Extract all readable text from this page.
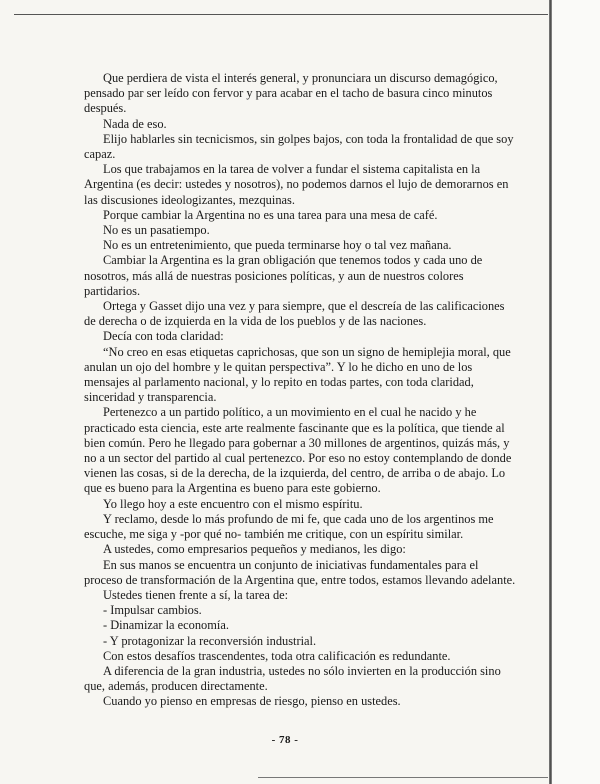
Que perdiera de vista el interés general, y pronunciara un discurso demagógico, pensado par ser leído con fervor y para acabar en el tacho de basura cinco minutos después.

Nada de eso.

Elijo hablarles sin tecnicismos, sin golpes bajos, con toda la frontalidad de que soy capaz.

Los que trabajamos en la tarea de volver a fundar el sistema capitalista en la Argentina (es decir: ustedes y nosotros), no podemos darnos el lujo de demorarnos en las discusiones ideologizantes, mezquinas.

Porque cambiar la Argentina no es una tarea para una mesa de café.

No es un pasatiempo.

No es un entretenimiento, que pueda terminarse hoy o tal vez mañana.

Cambiar la Argentina es la gran obligación que tenemos todos y cada uno de nosotros, más allá de nuestras posiciones políticas, y aun de nuestros colores partidarios.

Ortega y Gasset dijo una vez y para siempre, que el descreía de las calificaciones de derecha o de izquierda en la vida de los pueblos y de las naciones.

Decía con toda claridad:

“No creo en esas etiquetas caprichosas, que son un signo de hemiplejia moral, que anulan un ojo del hombre y le quitan perspectiva”. Y lo he dicho en uno de los mensajes al parlamento nacional, y lo repito en todas partes, con toda claridad, sinceridad y transparencia.

Pertenezco a un partido político, a un movimiento en el cual he nacido y he practicado esta ciencia, este arte realmente fascinante que es la política, que tiende al bien común. Pero he llegado para gobernar a 30 millones de argentinos, quizás más, y no a un sector del partido al cual pertenezco. Por eso no estoy contemplando de donde vienen las cosas, si de la derecha, de la izquierda, del centro, de arriba o de abajo. Lo que es bueno para la Argentina es bueno para este gobierno.

Yo llego hoy a este encuentro con el mismo espíritu.

Y reclamo, desde lo más profundo de mi fe, que cada uno de los argentinos me escuche, me siga y -por qué no- también me critique, con un espíritu similar.

A ustedes, como empresarios pequeños y medianos, les digo:

En sus manos se encuentra un conjunto de iniciativas fundamentales para el proceso de transformación de la Argentina que, entre todos, estamos llevando adelante.

Ustedes tienen frente a sí, la tarea de:

- Impulsar cambios.

- Dinamizar la economía.

- Y protagonizar la reconversión industrial.

Con estos desafíos trascendentes, toda otra calificación es redundante.

A diferencia de la gran industria, ustedes no sólo invierten en la producción sino que, además, producen directamente.

Cuando yo pienso en empresas de riesgo, pienso en ustedes.

- 78 -
